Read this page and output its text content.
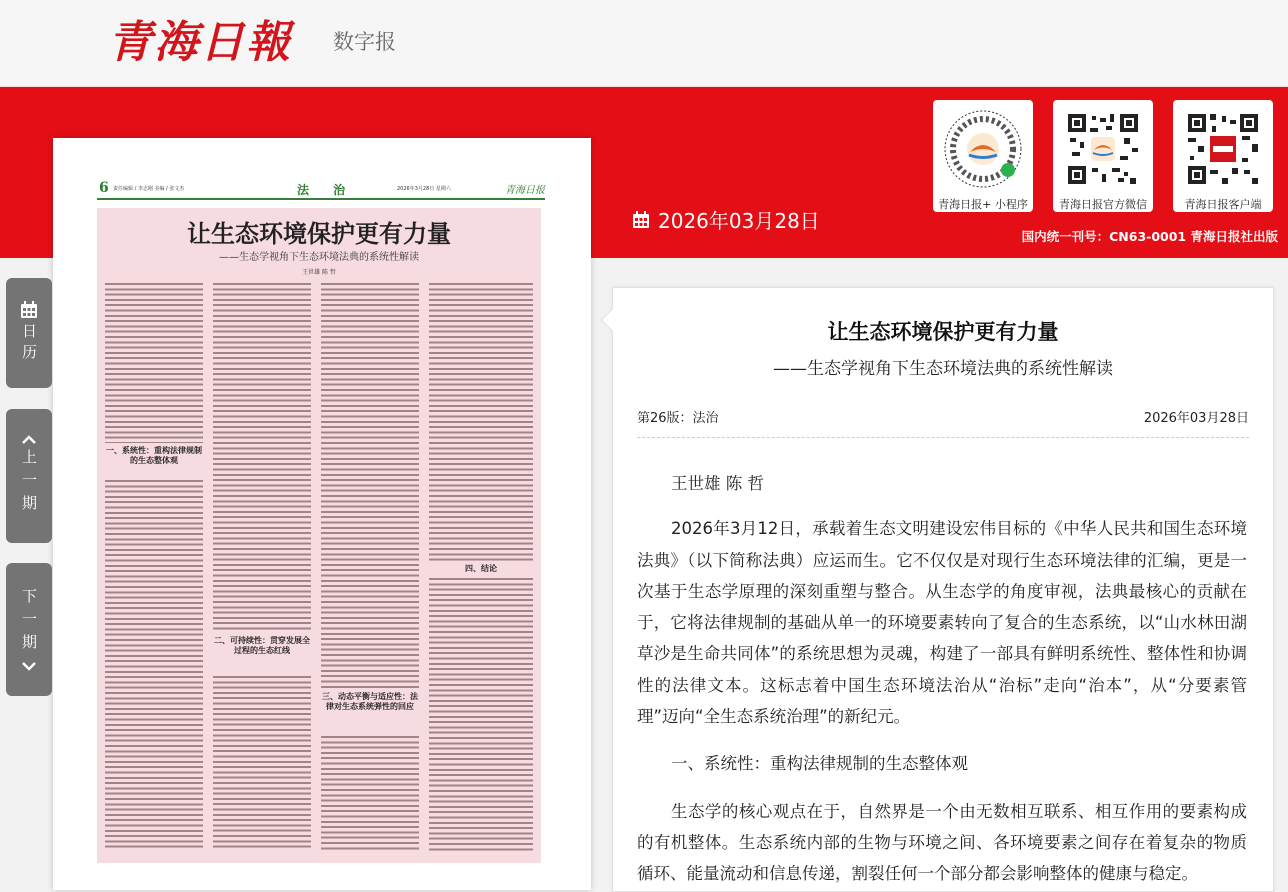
青海日報 数字报
青海日报+ 小程序	青海日报官方微信	青海日报客户端
2026年03月28日
国内统一刊号：CN63-0001 青海日报社出版
6 责任编辑 / 李志刚 美编 / 张文杰	法 治	2026年3月28日 星期六	青海日报
让生态环境保护更有力量
——生态学视角下生态环境法典的系统性解读
王世雄 陈 哲
一、系统性：重构法律规制的生态整体观
二、可持续性：贯穿发展全过程的生态红线
三、动态平衡与适应性：法律对生态系统弹性的回应
四、结论
日历
上一期
下一期
让生态环境保护更有力量
——生态学视角下生态环境法典的系统性解读
第26版：法治	2026年03月28日

王世雄 陈 哲

2026年3月12日，承载着生态文明建设宏伟目标的《中华人民共和国生态环境法典》（以下简称法典）应运而生。它不仅仅是对现行生态环境法律的汇编，更是一次基于生态学原理的深刻重塑与整合。从生态学的角度审视，法典最核心的贡献在于，它将法律规制的基础从单一的环境要素转向了复合的生态系统，以“山水林田湖草沙是生命共同体”的系统思想为灵魂，构建了一部具有鲜明系统性、整体性和协调性的法律文本。这标志着中国生态环境法治从“治标”走向“治本”，从“分要素管理”迈向“全生态系统治理”的新纪元。

一、系统性：重构法律规制的生态整体观

生态学的核心观点在于，自然界是一个由无数相互联系、相互作用的要素构成的有机整体。生态系统内部的生物与环境之间、各环境要素之间存在着复杂的物质循环、能量流动和信息传递，割裂任何一个部分都会影响整体的健康与稳定。
